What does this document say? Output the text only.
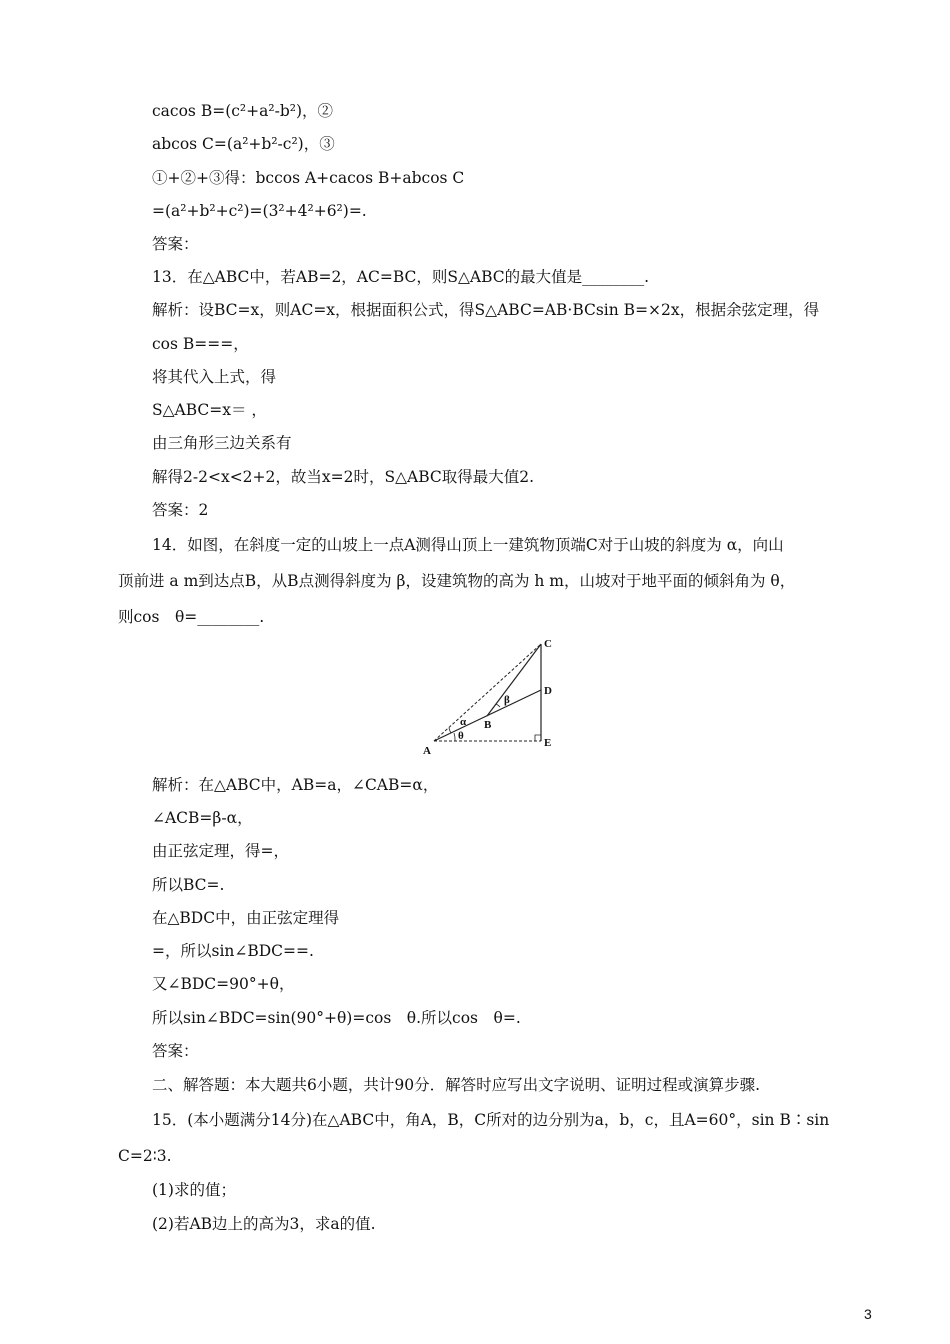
cacos B=(c²+a²-b²)，②
abcos C=(a²+b²-c²)，③
①+②+③得：bccos A+cacos B+abcos C
=(a²+b²+c²)=(3²+4²+6²)=.
答案：
13．在△ABC中，若AB=2，AC=BC，则S△ABC的最大值是________.
解析：设BC=x，则AC=x，根据面积公式，得S△ABC=AB·BCsin B=×2x，根据余弦定理，得
cos B===，
将其代入上式，得
S△ABC=x＝ ，
由三角形三边关系有
解得2-2<x<2+2，故当x=2时，S△ABC取得最大值2.
答案：2
14．如图，在斜度一定的山坡上一点A测得山顶上一建筑物顶端C对于山坡的斜度为 α，向山
顶前进 a m到达点B，从B点测得斜度为 β，设建筑物的高为 h m，山坡对于地平面的倾斜角为 θ，
则cos　θ=________.
A
B
C
D
E
α
β
θ
解析：在△ABC中，AB=a，∠CAB=α，
∠ACB=β-α，
由正弦定理，得=，
所以BC=.
在△BDC中，由正弦定理得
=，所以sin∠BDC==.
又∠BDC=90°+θ，
所以sin∠BDC=sin(90°+θ)=cos　θ.所以cos　θ=.
答案：
二、解答题：本大题共6小题，共计90分．解答时应写出文字说明、证明过程或演算步骤.
15．(本小题满分14分)在△ABC中，角A，B，C所对的边分别为a，b，c，且A=60°，sin B∶sin
C=2∶3.
(1)求的值；
(2)若AB边上的高为3，求a的值.
3
